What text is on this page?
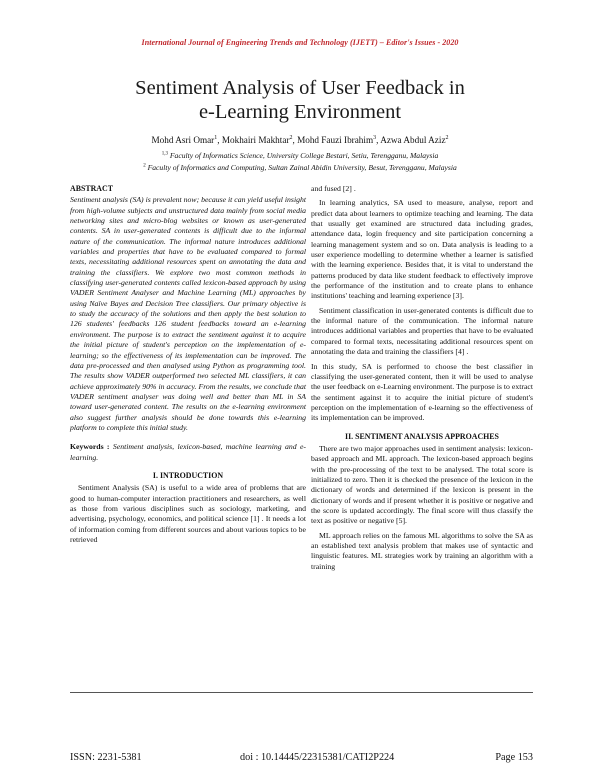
International Journal of Engineering Trends and Technology (IJETT) – Editor's Issues - 2020
Sentiment Analysis of User Feedback in
e-Learning Environment
Mohd Asri Omar$^1$, Mokhairi Makhtar$^2$, Mohd Fauzi Ibrahim$^3$, Azwa Abdul Aziz$^2$
$^{1,3}$ Faculty of Informatics Science, University College Bestari, Setiu, Terengganu, Malaysia
$^2$ Faculty of Informatics and Computing, Sultan Zainal Abidin University, Besut, Terengganu, Malaysia
ABSTRACT

Sentiment analysis (SA) is prevalent now; because it can yield useful insight from high-volume subjects and unstructured data mainly from social media networking sites and micro-blog websites or known as user-generated contents. SA in user-generated contents is difficult due to the informal nature of the communication. The informal nature introduces additional variables and properties that have to be evaluated compared to formal texts, necessitating additional resources spent on annotating the data and training the classifiers. We explore two most common methods in classifying user-generated contents called lexicon-based approach by using VADER Sentiment Analyser and Machine Learning (ML) approaches by using Naïve Bayes and Decision Tree classifiers. Our primary objective is to study the accuracy of the solutions and then apply the best solution to 126 students' feedbacks 126 student feedbacks toward an e-learning environment. The purpose is to extract the sentiment against it to acquire the initial picture of student's perception on the implementation of e-learning; so the effectiveness of its implementation can be improved. The data pre-processed and then analysed using Python as programming tool. The results show VADER outperformed two selected ML classifiers, it can achieve approximately 90% in accuracy. From the results, we conclude that VADER sentiment analyser was doing well and better than ML in SA toward user-generated content. The results on the e-learning environment also suggest further analysis should be done towards this e-learning platform to complete this initial study.

Keywords : Sentiment analysis, lexicon-based, machine learning and e-learning.

I. INTRODUCTION

Sentiment Analysis (SA) is useful to a wide area of problems that are good to human-computer interaction practitioners and researchers, as well as those from various disciplines such as sociology, marketing, and advertising, psychology, economics, and political science [1] . It needs a lot of information coming from different sources and about various topics to be retrieved

and fused [2] .

In learning analytics, SA used to measure, analyse, report and predict data about learners to optimize teaching and learning. The data that usually get examined are structured data including grades, attendance data, login frequency and site participation concerning a learning management system and so on. Data analysis is leading to a user experience modelling to determine whether a learner is satisfied with the learning experience. Besides that, it is vital to understand the patterns produced by data like student feedback to effectively improve the performance of the institution and to create plans to enhance institutions' teaching and learning experience [3].

Sentiment classification in user-generated contents is difficult due to the informal nature of the communication. The informal nature introduces additional variables and properties that have to be evaluated compared to formal texts, necessitating additional resources spent on annotating the data and training the classifiers [4] .

In this study, SA is performed to choose the best classifier in classifying the user-generated content, then it will be used to analyse the user feedback on e-Learning environment. The purpose is to extract the sentiment against it to acquire the initial picture of student's perception on the implementation of e-learning so the effectiveness of its implementation can be improved.

II. SENTIMENT ANALYSIS APPROACHES

There are two major approaches used in sentiment analysis: lexicon-based approach and ML approach. The lexicon-based approach begins with the pre-processing of the text to be analysed. The total score is initialized to zero. Then it is checked the presence of the lexicon in the dictionary of words and determined if the lexicon is present in the dictionary of words and if present whether it is positive or negative and the score is updated accordingly. The final score will thus classify the text as positive or negative [5].

ML approach relies on the famous ML algorithms to solve the SA as an established text analysis problem that makes use of syntactic and linguistic features. ML strategies work by training an algorithm with a training

ISSN: 2231-5381	doi : 10.14445/22315381/CATI2P224	Page 153
